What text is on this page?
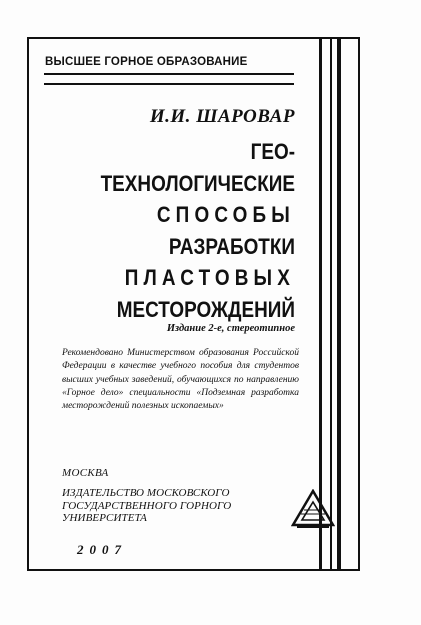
ВЫСШЕЕ ГОРНОЕ ОБРАЗОВАНИЕ
И.И. ШАРОВАР
ГЕО-
ТЕХНОЛОГИЧЕСКИЕ
СПОСОБЫ
РАЗРАБОТКИ
ПЛАСТОВЫХ
МЕСТОРОЖДЕНИЙ
Издание 2-е, стереотипное
Рекомендовано Министерством образования Российской Федерации в качестве учебного пособия для студентов высших учебных заведений, обучающихся по направлению «Горное дело» специальности «Подземная разработка месторождений полезных ископаемых»
МОСКВА
ИЗДАТЕЛЬСТВО МОСКОВСКОГО
ГОСУДАРСТВЕННОГО ГОРНОГО
УНИВЕРСИТЕТА
2007
